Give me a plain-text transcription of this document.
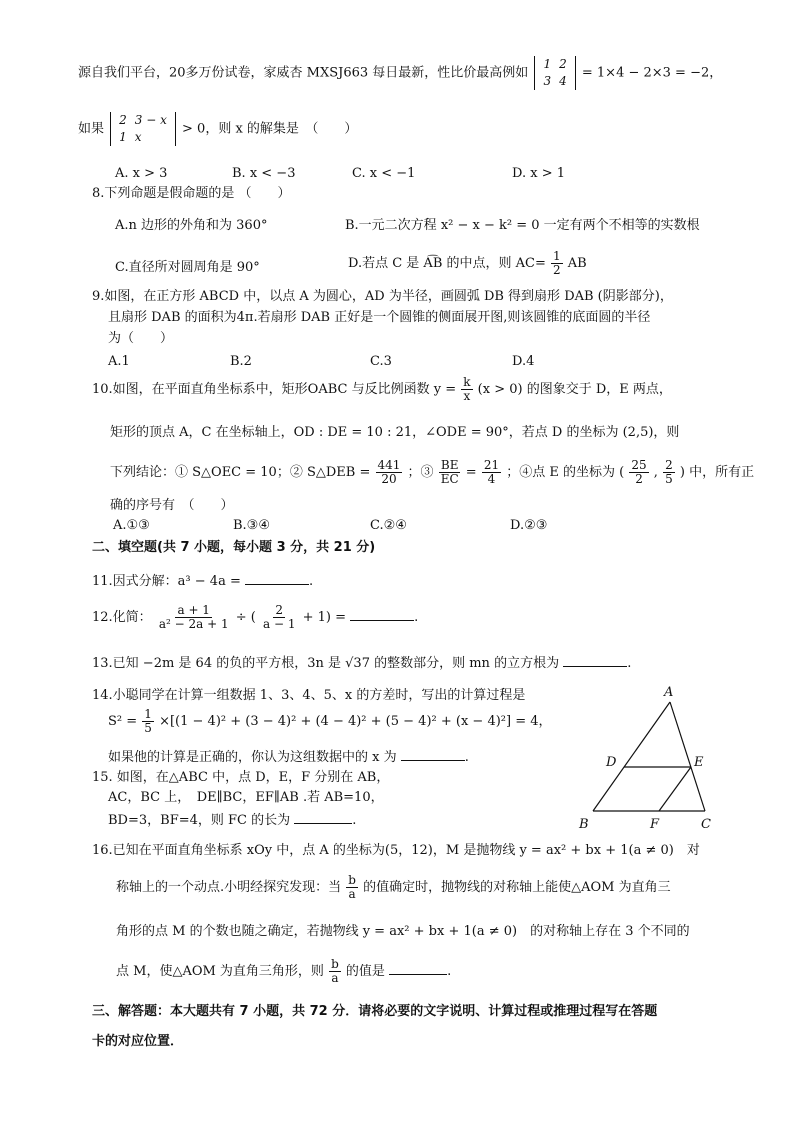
源自我们平台，20多万份试卷，家威杏 MXSJ663 每日最新，性比价最高例如 1	2
3	4 = 1×4 − 2×3 = −2，
如果 2	3 − x
1	x > 0，则 x 的解集是　（　　）
A. x > 3	B. x < −3	C. x < −1	D. x > 1
8.下列命题是假命题的是 （　　）
A.n 边形的外角和为 360°	B.一元二次方程 x² − x − k² = 0 一定有两个不相等的实数根
C.直径所对圆周角是 90°	D.若点 C 是 A͡B 的中点，则 $AC= \frac{1}{2}$ AB
9.如图，在正方形 ABCD 中，以点 A 为圆心，AD 为半径，画圆弧 DB 得到扇形 DAB (阴影部分)，
且扇形 DAB 的面积为4π.若扇形 DAB 正好是一个圆锥的侧面展开图,则该圆锥的底面圆的半径
为（　　）
A.1	B.2	C.3	D.4
10.如图，在平面直角坐标系中，矩形OABC 与反比例函数 $y = \frac{k}{x} (x > 0)$ 的图象交于 D，E 两点，
矩形的顶点 A，C 在坐标轴上，OD : DE = 10 : 21，∠ODE = 90°，若点 D 的坐标为 (2,5)，则
下列结论：① S△OEC = 10；② S△DEB = $\frac{441}{20}$ ；③ $\frac{BE}{EC} = \frac{21}{4}$ ；④点 E 的坐标为 ( $\frac{25}{2}$ , $\frac{2}{5}$ ) 中，所有正
确的序号有　（　　）
A.①③	B.③④	C.②④	D.②③
二、填空题(共 7 小题，每小题 3 分，共 21 分)
11.因式分解：a³ − 4a =	.
12.化简： $\frac{a + 1}{\text{a² − 2a + 1}}$ ÷ ( $\frac{2}{a - 1} + 1$) =	.
13.已知 −2m 是 64 的负的平方根，3n 是 √37 的整数部分，则 mn 的立方根为	.
14.小聪同学在计算一组数据 1、3、4、5、x 的方差时，写出的计算过程是
$S^2 = \frac{1}{5} \times[(1 - 4)^2 + (3 - 4)^2 + (4 - 4)^2 + (5 - 4)^2 + (x - 4)^2] = 4$，
如果他的计算是正确的，你认为这组数据中的 x 为	.
15. 如图，在△ABC 中，点 D，E，F 分别在 AB，
AC，BC 上，　DE∥BC，EF∥AB .若 AB=10，
BD=3，BF=4，则 FC 的长为	.
A
B	C
D	E
F
16.已知在平面直角坐标系 xOy 中，点 A 的坐标为(5，12)，M 是抛物线 y = ax² + bx + 1(a ≠ 0)　对
称轴上的一个动点.小明经探究发现：当 $\frac{b}{a}$ 的值确定时，抛物线的对称轴上能使△AOM 为直角三
角形的点 M 的个数也随之确定，若抛物线 y = ax² + bx + 1(a ≠ 0)　的对称轴上存在 3 个不同的
点 M，使△AOM 为直角三角形，则 $\frac{b}{a}$ 的值是	.
三、解答题：本大题共有 7 小题，共 72 分．请将必要的文字说明、计算过程或推理过程写在答题
卡的对应位置．
